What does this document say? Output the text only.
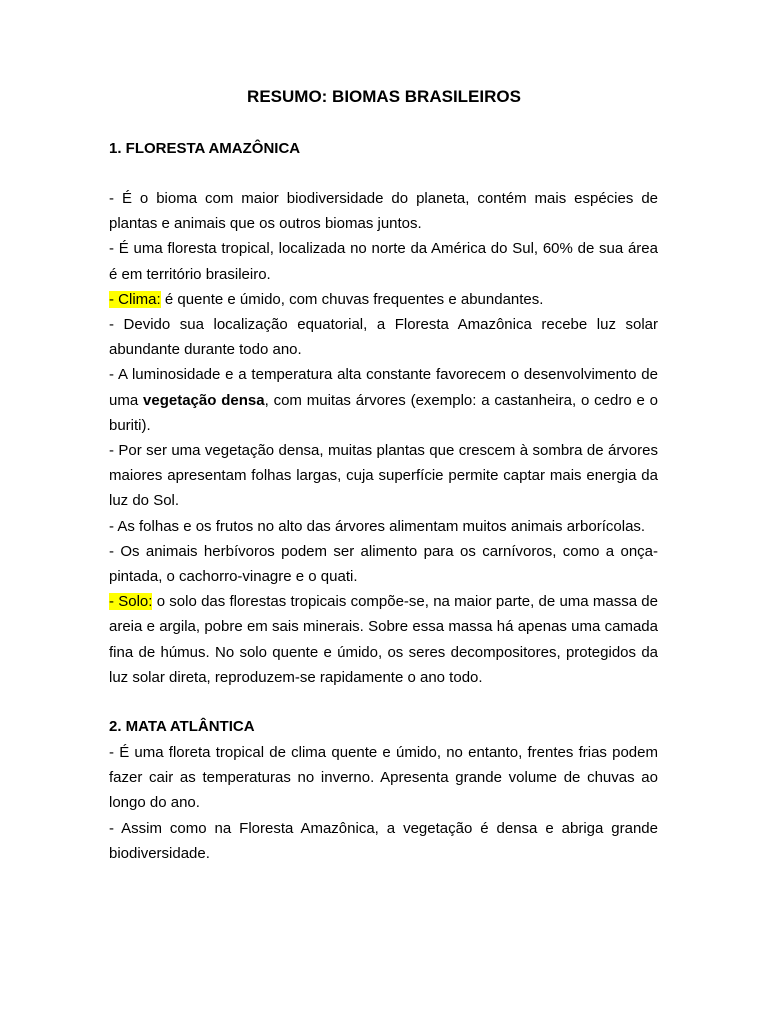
RESUMO: BIOMAS BRASILEIROS
1. FLORESTA AMAZÔNICA

- É o bioma com maior biodiversidade do planeta, contém mais espécies de plantas e animais que os outros biomas juntos.

- É uma floresta tropical, localizada no norte da América do Sul, 60% de sua área é em território brasileiro.

- Clima: é quente e úmido, com chuvas frequentes e abundantes.

- Devido sua localização equatorial, a Floresta Amazônica recebe luz solar abundante durante todo ano.

- A luminosidade e a temperatura alta constante favorecem o desenvolvimento de uma vegetação densa, com muitas árvores (exemplo: a castanheira, o cedro e o buriti).

- Por ser uma vegetação densa, muitas plantas que crescem à sombra de árvores maiores apresentam folhas largas, cuja superfície permite captar mais energia da luz do Sol.

- As folhas e os frutos no alto das árvores alimentam muitos animais arborícolas.

- Os animais herbívoros podem ser alimento para os carnívoros, como a onça-pintada, o cachorro-vinagre e o quati.

- Solo: o solo das florestas tropicais compõe-se, na maior parte, de uma massa de areia e argila, pobre em sais minerais. Sobre essa massa há apenas uma camada fina de húmus. No solo quente e úmido, os seres decompositores, protegidos da luz solar direta, reproduzem-se rapidamente o ano todo.

2. MATA ATLÂNTICA

- É uma floreta tropical de clima quente e úmido, no entanto, frentes frias podem fazer cair as temperaturas no inverno. Apresenta grande volume de chuvas ao longo do ano.

- Assim como na Floresta Amazônica, a vegetação é densa e abriga grande biodiversidade.
